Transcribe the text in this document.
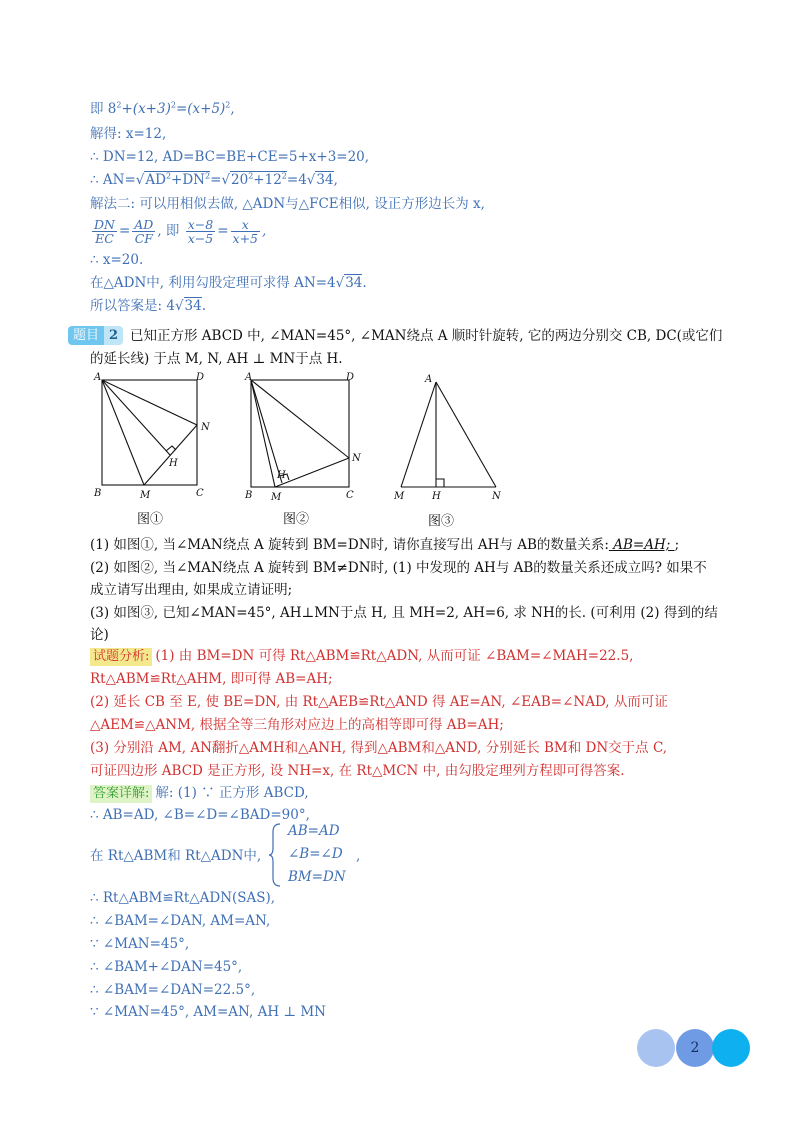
即 $8^2+(x+3)^2=(x+5)^2$,
解得: x=12,
∴ DN=12, AD=BC=BE+CE=5+x+3=20,
∴ $AN=√AD^2+DN^2=√20^2+12^2=4√34$,
解法二: 可以用相似去做, △ADN与△FCE相似, 设正方形边长为 x,
$\frac{DN}{EC} = \frac{AD}{CF}$ , 即 $\frac{x-8}{x-5} = \frac{x}{x+5}$ ,
∴ x=20.
在△ADN中, 利用勾股定理可求得 AN=4√34.
所以答案是: 4√34.
题目 2 已知正方形 ABCD 中, ∠MAN=45°, ∠MAN绕点 A 顺时针旋转, 它的两边分别交 CB, DC(或它们
的延长线) 于点 M, N, AH ⊥ MN于点 H.
A	D
B	C
M
N
H
图①
A	D
B	C
M
N
H
图②
A
M	H	N
图③
(1) 如图①, 当∠MAN绕点 A 旋转到 BM=DN时, 请你直接写出 AH与 AB的数量关系: AB=AH; ;
(2) 如图②, 当∠MAN绕点 A 旋转到 BM≠DN时, (1) 中发现的 AH与 AB的数量关系还成立吗? 如果不
成立请写出理由, 如果成立请证明;
(3) 如图③, 已知∠MAN=45°, AH⊥MN于点 H, 且 MH=2, AH=6, 求 NH的长. (可利用 (2) 得到的结
论)
试题分析: (1) 由 BM=DN 可得 Rt△ABM≌Rt△ADN, 从而可证 ∠BAM=∠MAH=22.5,
Rt△ABM≌Rt△AHM, 即可得 AB=AH;
(2) 延长 CB 至 E, 使 BE=DN, 由 Rt△AEB≌Rt△AND 得 AE=AN, ∠EAB=∠NAD, 从而可证
△AEM≌△ANM, 根据全等三角形对应边上的高相等即可得 AB=AH;
(3) 分别沿 AM, AN翻折△AMH和△ANH, 得到△ABM和△AND, 分别延长 BM和 DN交于点 C,
可证四边形 ABCD 是正方形, 设 NH=x, 在 Rt△MCN 中, 由勾股定理列方程即可得答案.
答案详解: 解: (1) ∵ 正方形 ABCD,
∴ AB=AD, ∠B=∠D=∠BAD=90°,
在 Rt△ABM和 Rt△ADN中,
AB=AD
∠B=∠D
BM=DN
,
∴ Rt△ABM≌Rt△ADN(SAS),
∴ ∠BAM=∠DAN, AM=AN,
∵ ∠MAN=45°,
∴ ∠BAM+∠DAN=45°,
∴ ∠BAM=∠DAN=22.5°,
∵ ∠MAN=45°, AM=AN, AH ⊥ MN
2
